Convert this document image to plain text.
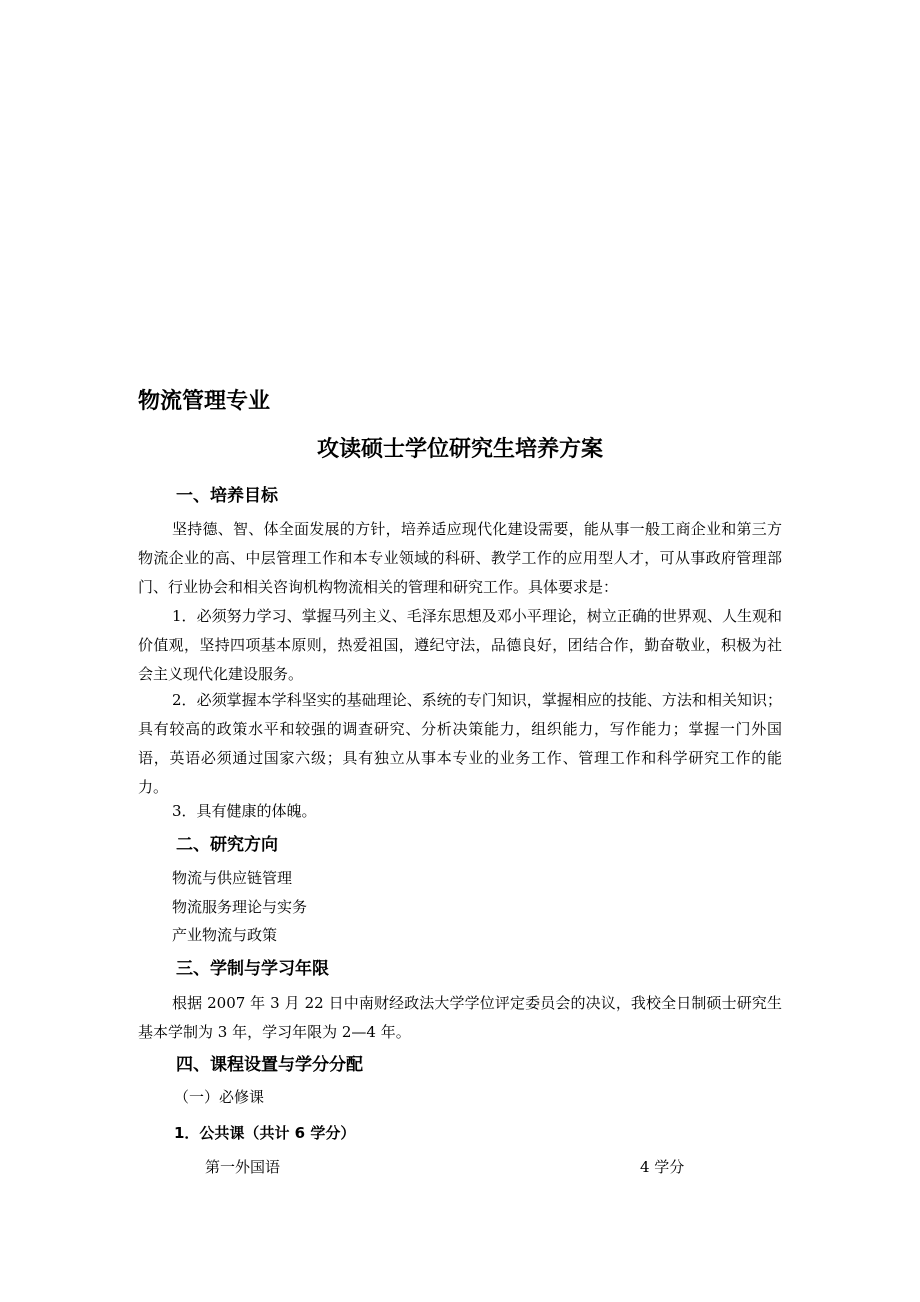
物流管理专业
攻读硕士学位研究生培养方案
一、培养目标

坚持德、智、体全面发展的方针，培养适应现代化建设需要，能从事一般工商企业和第三方物流企业的高、中层管理工作和本专业领域的科研、教学工作的应用型人才，可从事政府管理部门、行业协会和相关咨询机构物流相关的管理和研究工作。具体要求是：

1．必须努力学习、掌握马列主义、毛泽东思想及邓小平理论，树立正确的世界观、人生观和价值观，坚持四项基本原则，热爱祖国，遵纪守法，品德良好，团结合作，勤奋敬业，积极为社会主义现代化建设服务。

2．必须掌握本学科坚实的基础理论、系统的专门知识，掌握相应的技能、方法和相关知识；具有较高的政策水平和较强的调查研究、分析决策能力，组织能力，写作能力；掌握一门外国语，英语必须通过国家六级；具有独立从事本专业的业务工作、管理工作和科学研究工作的能力。

3．具有健康的体魄。

二、研究方向

物流与供应链管理

物流服务理论与实务

产业物流与政策

三、学制与学习年限

根据 2007 年 3 月 22 日中南财经政法大学学位评定委员会的决议，我校全日制硕士研究生基本学制为 3 年，学习年限为 2—4 年。

四、课程设置与学分分配

（一）必修课

1．公共课（共计 6 学分）

第一外国语	4 学分
